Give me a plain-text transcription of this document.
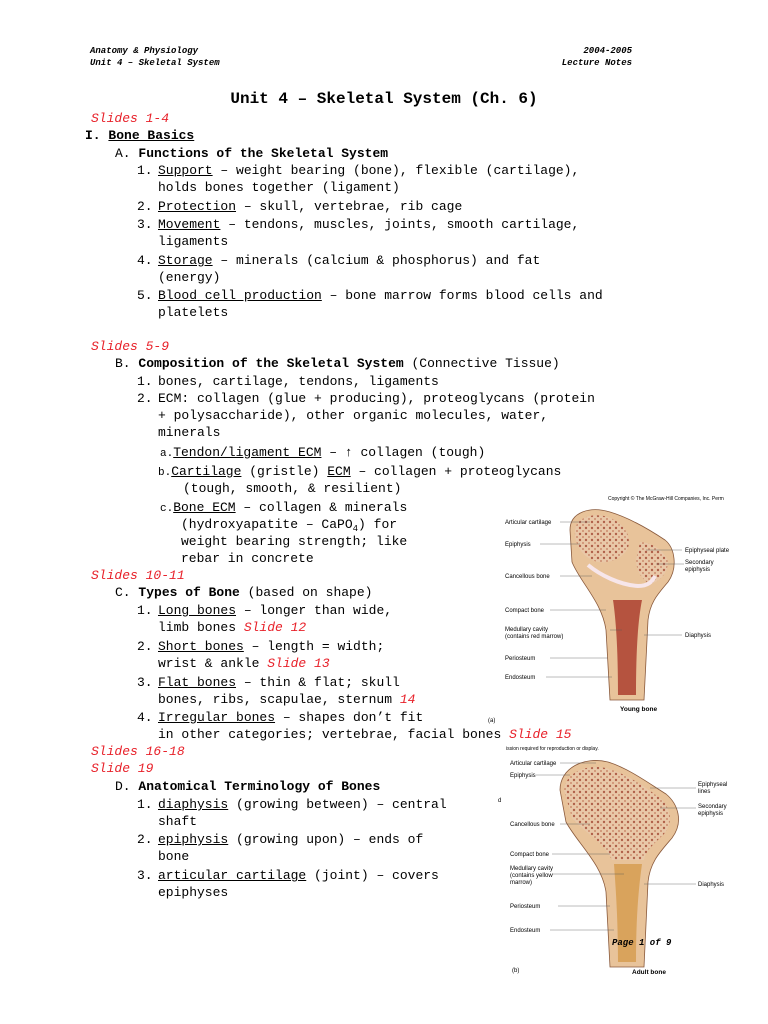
Anatomy & Physiology
Unit 4 – Skeletal System
2004-2005
Lecture Notes
Unit 4 – Skeletal System (Ch. 6)
Slides 1-4
I. Bone Basics
A. Functions of the Skeletal System
1. Support – weight bearing (bone), flexible (cartilage),
holds bones together (ligament)
2. Protection – skull, vertebrae, rib cage
3. Movement – tendons, muscles, joints, smooth cartilage,
ligaments
4. Storage – minerals (calcium & phosphorus) and fat
(energy)
5. Blood cell production – bone marrow forms blood cells and
platelets
Slides 5-9
B. Composition of the Skeletal System (Connective Tissue)
1. bones, cartilage, tendons, ligaments
2. ECM: collagen (glue + producing), proteoglycans (protein
+ polysaccharide), other organic molecules, water,
minerals
a.Tendon/ligament ECM – ↑ collagen (tough)
b.Cartilage (gristle) ECM – collagen + proteoglycans
(tough, smooth, & resilient)
c.Bone ECM – collagen & minerals
(hydroxyapatite – CaPO$_4$) for
weight bearing strength; like
rebar in concrete
Slides 10-11
C. Types of Bone (based on shape)
1. Long bones – longer than wide,
limb bones Slide 12
2. Short bones – length = width;
wrist & ankle Slide 13
3. Flat bones – thin & flat; skull
bones, ribs, scapulae, sternum 14
4. Irregular bones – shapes don’t fit
in other categories; vertebrae, facial bones Slide 15
Slides 16-18
Slide 19
D. Anatomical Terminology of Bones
1. diaphysis (growing between) – central
shaft
2. epiphysis (growing upon) – ends of
bone
3. articular cartilage (joint) – covers
epiphyses
Copyright © The McGraw-Hill Companies, Inc. Perm
Articular cartilage
Epiphysis
Cancellous bone
Compact bone
Medullary cavity
(contains red marrow)
Periosteum
Endosteum
Epiphyseal plate
Secondary
epiphysis
Diaphysis
Young bone
(a)
ission required for reproduction or display.
Articular cartilage
Epiphysis
d
Cancellous bone
Compact bone
Medullary cavity
(contains yellow
marrow)
Periosteum
Endosteum
Epiphyseal
lines
Secondary
epiphysis
Diaphysis
Adult bone
(b)
Page 1 of 9
